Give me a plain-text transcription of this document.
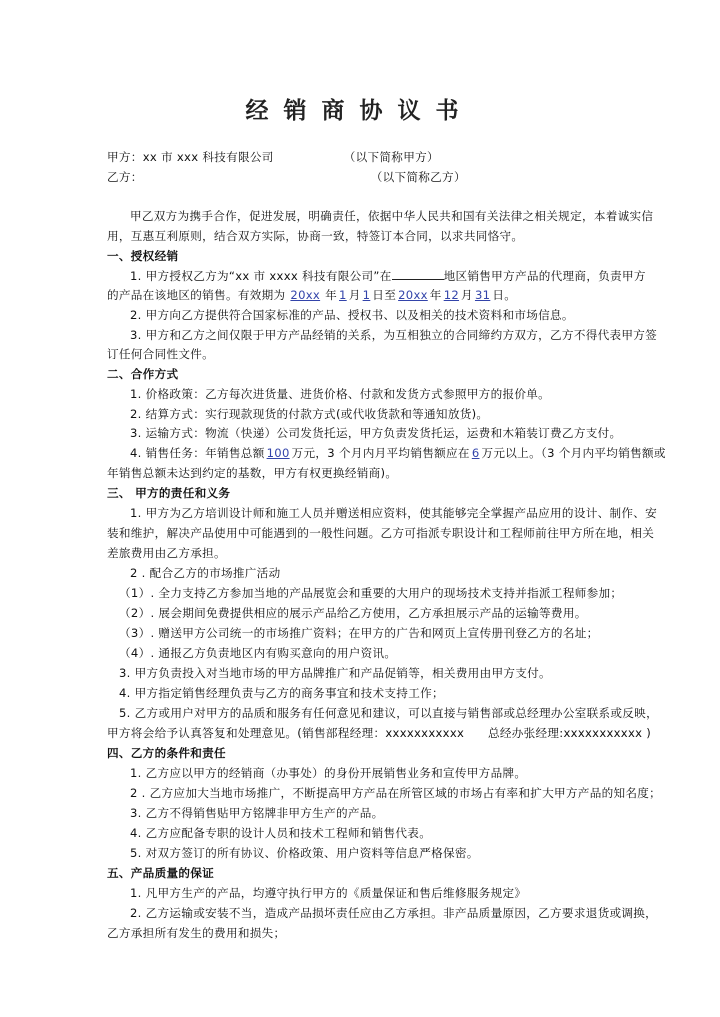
经销商协议书
甲方：xx 市 xxx 科技有限公司	（以下简称甲方）
乙方：	（以下简称乙方）
甲乙双方为携手合作，促进发展，明确责任，依据中华人民共和国有关法律之相关规定，本着诚实信
用，互惠互利原则，结合双方实际，协商一致，特签订本合同，以求共同恪守。
一、授权经销
1. 甲方授权乙方为“xx 市 xxxx 科技有限公司”在	地区销售甲方产品的代理商，负责甲方
的产品在该地区的销售。有效期为 20xx 年 1 月 1 日至 20xx 年 12 月 31 日。
2. 甲方向乙方提供符合国家标准的产品、授权书、以及相关的技术资料和市场信息。
3. 甲方和乙方之间仅限于甲方产品经销的关系，为互相独立的合同缔约方双方，乙方不得代表甲方签
订任何合同性文件。
二、合作方式
1. 价格政策：乙方每次进货量、进货价格、付款和发货方式参照甲方的报价单。
2. 结算方式：实行现款现货的付款方式(或代收货款和等通知放货)。
3. 运输方式：物流（快递）公司发货托运，甲方负责发货托运，运费和木箱装订费乙方支付。
4. 销售任务：年销售总额 100 万元，3 个月内月平均销售额应在 6 万元以上。（3 个月内平均销售额或
年销售总额未达到约定的基数，甲方有权更换经销商)。
三、 甲方的责任和义务
1. 甲方为乙方培训设计师和施工人员并赠送相应资料，使其能够完全掌握产品应用的设计、制作、安
装和维护，解决产品使用中可能遇到的一般性问题。乙方可指派专职设计和工程师前往甲方所在地，相关
差旅费用由乙方承担。
2 . 配合乙方的市场推广活动
（1）. 全力支持乙方参加当地的产品展览会和重要的大用户的现场技术支持并指派工程师参加；
（2）. 展会期间免费提供相应的展示产品给乙方使用，乙方承担展示产品的运输等费用。
（3）. 赠送甲方公司统一的市场推广资料；在甲方的广告和网页上宣传册刊登乙方的名址；
（4）. 通报乙方负责地区内有购买意向的用户资讯。
3. 甲方负责投入对当地市场的甲方品牌推广和产品促销等，相关费用由甲方支付。
4. 甲方指定销售经理负责与乙方的商务事宜和技术支持工作；
5. 乙方或用户对甲方的品质和服务有任何意见和建议，可以直接与销售部或总经理办公室联系或反映，
甲方将会给予认真答复和处理意见。(销售部程经理：xxxxxxxxxxx　　总经办张经理:xxxxxxxxxxx )
四、乙方的条件和责任
1. 乙方应以甲方的经销商（办事处）的身份开展销售业务和宣传甲方品牌。
2 . 乙方应加大当地市场推广，不断提高甲方产品在所管区域的市场占有率和扩大甲方产品的知名度；
3. 乙方不得销售贴甲方铭牌非甲方生产的产品。
4. 乙方应配备专职的设计人员和技术工程师和销售代表。
5. 对双方签订的所有协议、价格政策、用户资料等信息严格保密。
五、产品质量的保证
1. 凡甲方生产的产品，均遵守执行甲方的《质量保证和售后维修服务规定》
2. 乙方运输或安装不当，造成产品损坏责任应由乙方承担。非产品质量原因，乙方要求退货或调换，
乙方承担所有发生的费用和损失；
